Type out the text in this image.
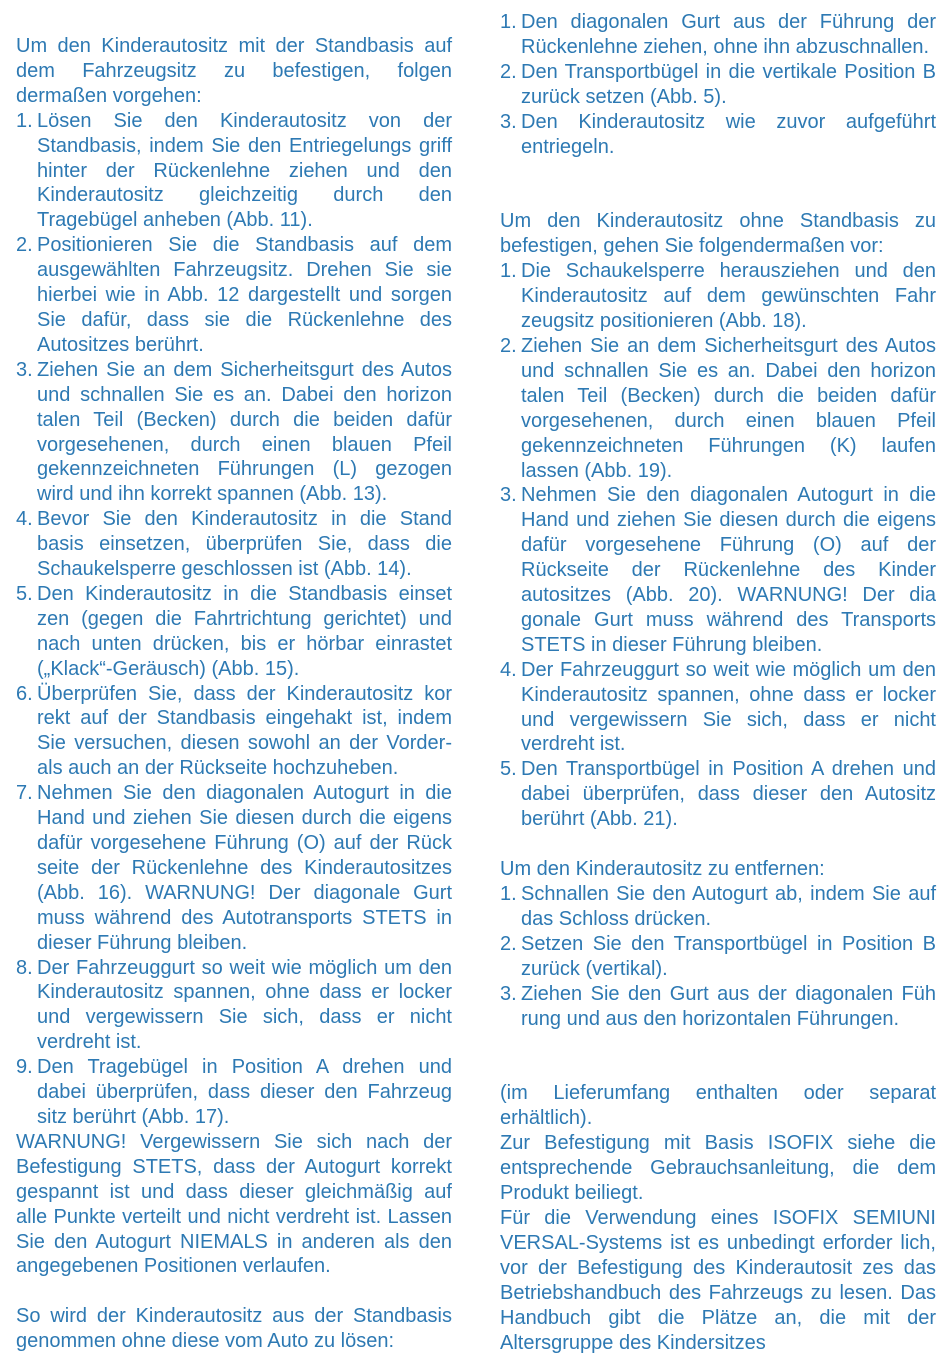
Um den Kinderautositz mit der Standbasis auf dem Fahrzeugsitz zu befestigen, folgen dermaßen vorgehen:

1. Lösen Sie den Kinderautositz von der Standbasis, indem Sie den Entriegelungs griff hinter der Rückenlehne ziehen und den Kinderautositz gleichzeitig durch den Tragebügel anheben (Abb. 11).
2. Positionieren Sie die Standbasis auf dem ausgewählten Fahrzeugsitz. Drehen Sie sie hierbei wie in Abb. 12 dargestellt und sorgen Sie dafür, dass sie die Rückenlehne des Autositzes berührt.
3. Ziehen Sie an dem Sicherheitsgurt des Autos und schnallen Sie es an. Dabei den horizon talen Teil (Becken) durch die beiden dafür vorgesehenen, durch einen blauen Pfeil gekennzeichneten Führungen (L) gezogen wird und ihn korrekt spannen (Abb. 13).
4. Bevor Sie den Kinderautositz in die Stand basis einsetzen, überprüfen Sie, dass die Schaukelsperre geschlossen ist (Abb. 14).
5. Den Kinderautositz in die Standbasis einset zen (gegen die Fahrtrichtung gerichtet) und nach unten drücken, bis er hörbar einrastet („Klack“-Geräusch) (Abb. 15).
6. Überprüfen Sie, dass der Kinderautositz kor rekt auf der Standbasis eingehakt ist, indem Sie versuchen, diesen sowohl an der Vorder- als auch an der Rückseite hochzuheben.
7. Nehmen Sie den diagonalen Autogurt in die Hand und ziehen Sie diesen durch die eigens dafür vorgesehene Führung (O) auf der Rück seite der Rückenlehne des Kinderautositzes (Abb. 16). WARNUNG! Der diagonale Gurt muss während des Autotransports STETS in dieser Führung bleiben.
8. Der Fahrzeuggurt so weit wie möglich um den Kinderautositz spannen, ohne dass er locker und vergewissern Sie sich, dass er nicht verdreht ist.
9. Den Tragebügel in Position A drehen und dabei überprüfen, dass dieser den Fahrzeug sitz berührt (Abb. 17).

WARNUNG! Vergewissern Sie sich nach der Befestigung STETS, dass der Autogurt korrekt gespannt ist und dass dieser gleichmäßig auf alle Punkte verteilt und nicht verdreht ist. Lassen Sie den Autogurt NIEMALS in anderen als den angegebenen Positionen verlaufen.

So wird der Kinderautositz aus der Standbasis genommen ohne diese vom Auto zu lösen:

1. Den diagonalen Gurt aus der Führung der Rückenlehne ziehen, ohne ihn abzuschnallen.
2. Den Transportbügel in die vertikale Position B zurück setzen (Abb. 5).
3. Den Kinderautositz wie zuvor aufgeführt entriegeln.

Um den Kinderautositz ohne Standbasis zu befestigen, gehen Sie folgendermaßen vor:

1. Die Schaukelsperre herausziehen und den Kinderautositz auf dem gewünschten Fahr zeugsitz positionieren (Abb. 18).
2. Ziehen Sie an dem Sicherheitsgurt des Autos und schnallen Sie es an. Dabei den horizon talen Teil (Becken) durch die beiden dafür vorgesehenen, durch einen blauen Pfeil gekennzeichneten Führungen (K) laufen lassen (Abb. 19).
3. Nehmen Sie den diagonalen Autogurt in die Hand und ziehen Sie diesen durch die eigens dafür vorgesehene Führung (O) auf der Rückseite der Rückenlehne des Kinder autositzes (Abb. 20). WARNUNG! Der dia gonale Gurt muss während des Transports STETS in dieser Führung bleiben.
4. Der Fahrzeuggurt so weit wie möglich um den Kinderautositz spannen, ohne dass er locker und vergewissern Sie sich, dass er nicht verdreht ist.
5. Den Transportbügel in Position A drehen und dabei überprüfen, dass dieser den Autositz berührt (Abb. 21).

Um den Kinderautositz zu entfernen:

1. Schnallen Sie den Autogurt ab, indem Sie auf das Schloss drücken.
2. Setzen Sie den Transportbügel in Position B zurück (vertikal).
3. Ziehen Sie den Gurt aus der diagonalen Füh rung und aus den horizontalen Führungen.

(im Lieferumfang enthalten oder separat erhältlich).

Zur Befestigung mit Basis ISOFIX siehe die entsprechende Gebrauchsanleitung, die dem Produkt beiliegt.

Für die Verwendung eines ISOFIX SEMIUNI VERSAL-Systems ist es unbedingt erforder lich, vor der Befestigung des Kinderautosit zes das Betriebshandbuch des Fahrzeugs zu lesen. Das Handbuch gibt die Plätze an, die mit der Altersgruppe des Kindersitzes
